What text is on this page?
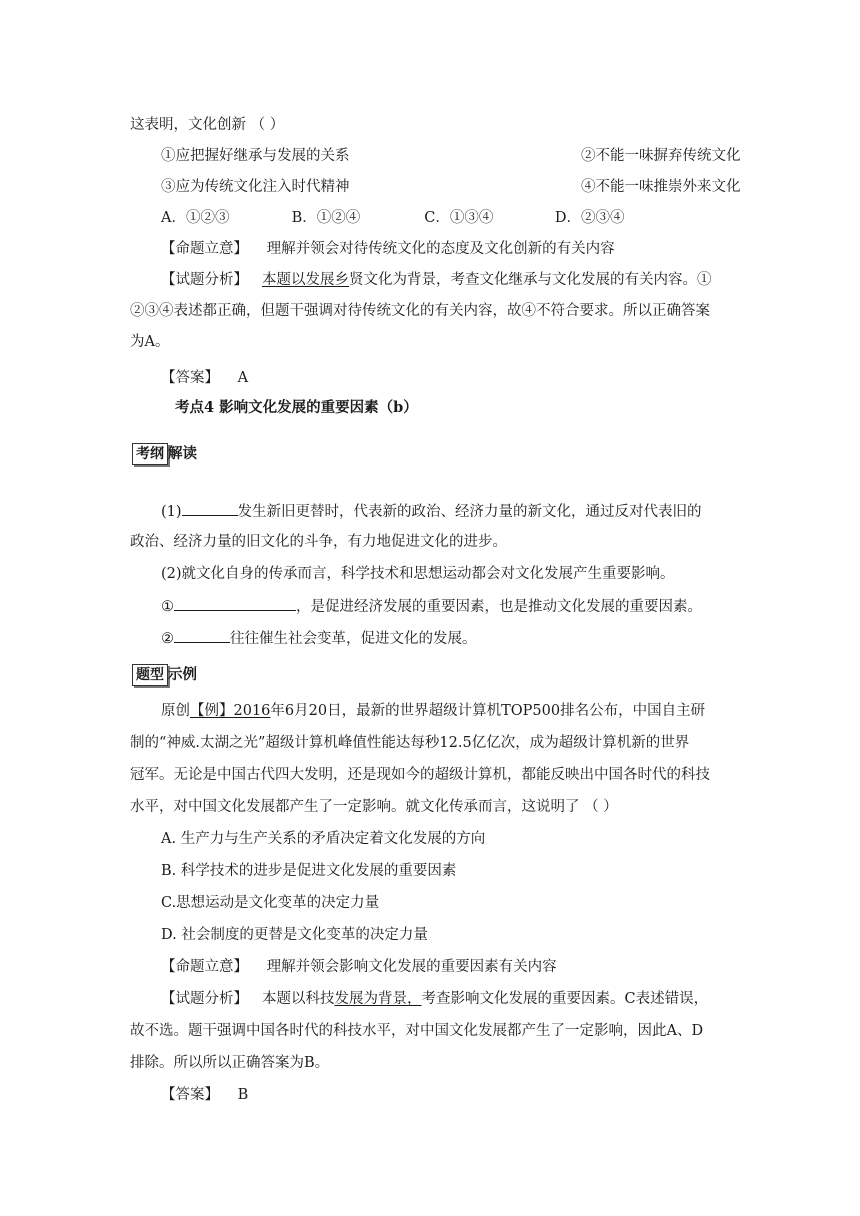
这表明，文化创新 （ ）
①应把握好继承与发展的关系	②不能一味摒弃传统文化
③应为传统文化注入时代精神	④不能一味推崇外来文化
A．①②③	B．①②④	C．①③④	D．②③④
【命题立意】 理解并领会对待传统文化的态度及文化创新的有关内容
【试题分析】 本题以发展乡贤文化为背景，考查文化继承与文化发展的有关内容。①
②③④表述都正确，但题干强调对待传统文化的有关内容，故④不符合要求。所以正确答案
为A。
【答案】 A
考点4 影响文化发展的重要因素（b）
考纲 解读
(1)	发生新旧更替时，代表新的政治、经济力量的新文化，通过反对代表旧的
政治、经济力量的旧文化的斗争，有力地促进文化的进步。
(2)就文化自身的传承而言，科学技术和思想运动都会对文化发展产生重要影响。
①	，是促进经济发展的重要因素，也是推动文化发展的重要因素。
②	往往催生社会变革，促进文化的发展。
题型 示例
原创【例】2016年6月20日，最新的世界超级计算机TOP500排名公布，中国自主研
制的“神威.太湖之光”超级计算机峰值性能达每秒12.5亿亿次，成为超级计算机新的世界
冠军。无论是中国古代四大发明，还是现如今的超级计算机，都能反映出中国各时代的科技
水平，对中国文化发展都产生了一定影响。就文化传承而言，这说明了 （ ）
A. 生产力与生产关系的矛盾决定着文化发展的方向
B. 科学技术的进步是促进文化发展的重要因素
C.思想运动是文化变革的决定力量
D. 社会制度的更替是文化变革的决定力量
【命题立意】 理解并领会影响文化发展的重要因素有关内容
【试题分析】 本题以科技发展为背景，考查影响文化发展的重要因素。C表述错误，
故不选。题干强调中国各时代的科技水平，对中国文化发展都产生了一定影响，因此A、D
排除。所以所以正确答案为B。
【答案】 B
